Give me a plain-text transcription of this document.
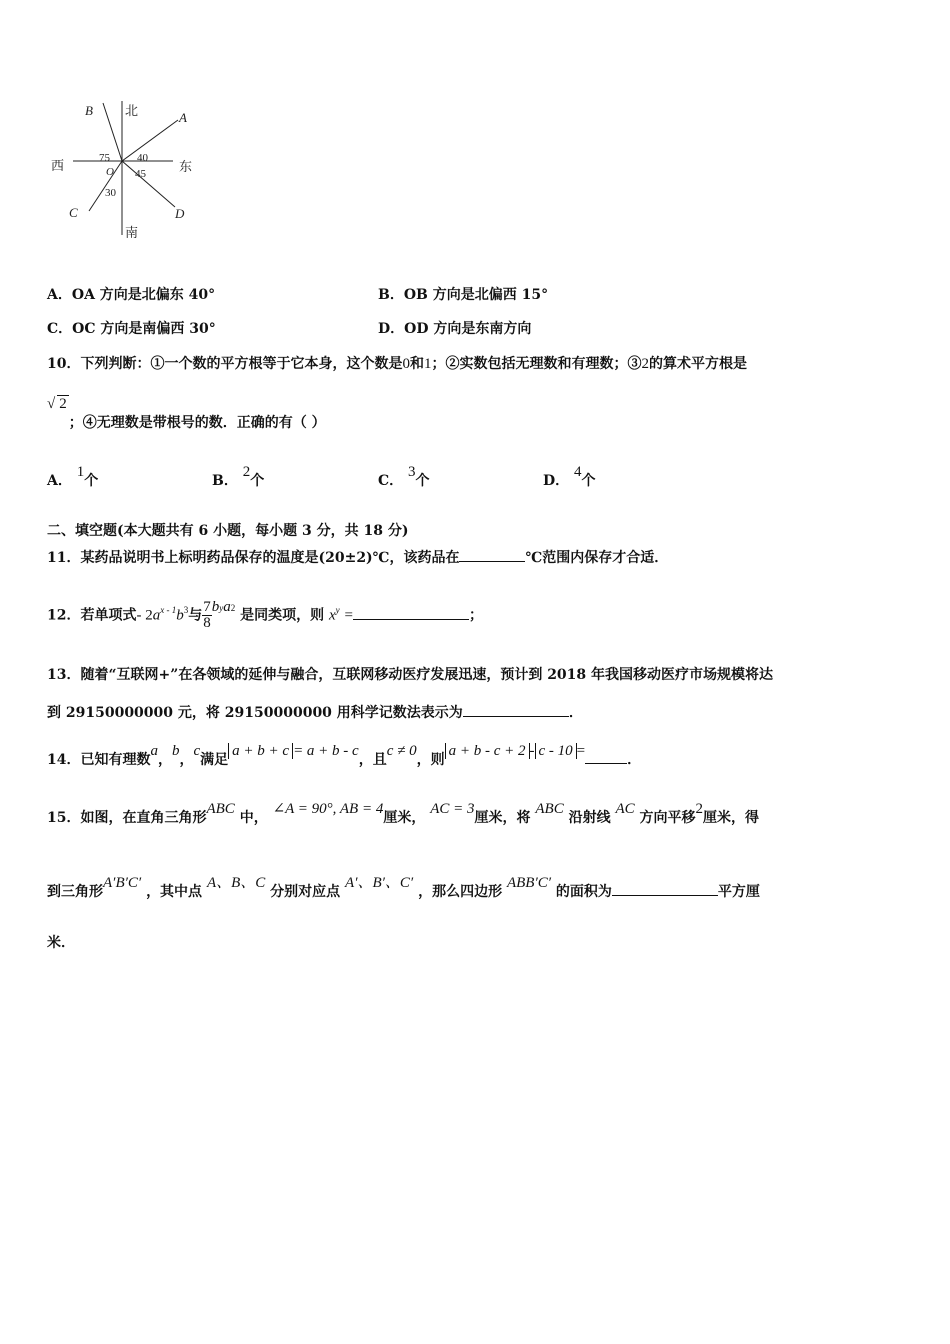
北
南
西	东
A
B
C	D
O
40
75
45
30
A．OA 方向是北偏东 40°	B．OB 方向是北偏西 15°
C．OC 方向是南偏西 30°	D．OD 方向是东南方向
10．下列判断：①一个数的平方根等于它本身，这个数是0和1；②实数包括无理数和有理数；③2的算术平方根是
√ 2；④无理数是带根号的数．正确的有（ ）
A． 1个	B． 2个	C． 3个	D． 4个
二、填空题(本大题共有 6 小题，每小题 3 分，共 18 分)
11．某药品说明书上标明药品保存的温度是(20±2)℃，该药品在	℃范围内保存才合适．
12．若单项式- $2a^{x - 1}b^3$与 $\frac{7}{8} b^ya^2$ 是同类项，则 $x^y$ =	；
13．随着“互联网+”在各领域的延伸与融合，互联网移动医疗发展迅速，预计到 2018 年我国移动医疗市场规模将达
到 29150000000 元，将 29150000000 用科学记数法表示为	．
14．已知有理数a，b，c满足a + b + c = a + b - c，且c ≠ 0，则a + b - c + 2 - c - 10 =．
15．如图，在直角三角形ABC 中， ∠A = 90°, AB = 4厘米， AC = 3厘米，将 ABC 沿射线 AC 方向平移2厘米，得
到三角形A′B′C′ ，其中点 A、B、C 分别对应点 A′、B′、C′ ，那么四边形 ABB′C′ 的面积为	平方厘
米．
